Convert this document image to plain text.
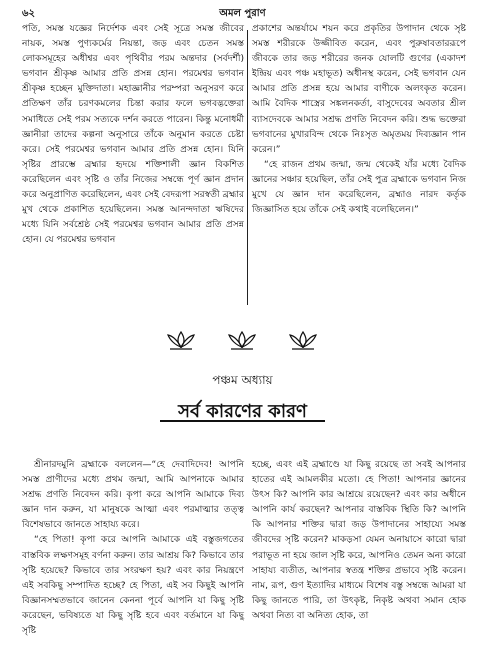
৬২	অমল পুরাণ

পতি, সমস্ত যজ্ঞের নির্দেশক এবং সেই সূত্রে সমস্ত জীবের নায়ক, সমস্ত পুণ্যকর্মের নিয়ন্তা, জড় এবং চেতন সমস্ত লোকসমূহের অধীশ্বর এবং পৃথিবীর পরম অন্তদার (সর্বদর্শী) ভগবান শ্রীকৃষ্ণ আমার প্রতি প্রসন্ন হোন। পরমেশ্বর ভগবান শ্রীকৃষ্ণ হচ্ছেন মুক্তিদাতা। মহাজ্ঞানীর পরম্পরা অনুসরণ করে প্রতিক্ষণ তাঁর চরণকমলের চিন্তা করার ফলে ভগবদ্ভক্তেরা সমাধিতে সেই পরম সত্যকে দর্শন করতে পারেন। কিন্তু মনোধর্মী জ্ঞানীরা তাদের কল্পনা অনুসারে তাঁকে অনুমান করতে চেষ্টা করে। সেই পরমেশ্বর ভগবান আমার প্রতি প্রসন্ন হোন। যিনি সৃষ্টির প্রারম্ভে ব্রহ্মার হৃদয়ে শক্তিশালী জ্ঞান বিকশিত করেছিলেন এবং সৃষ্টি ও তাঁর নিজের সম্বন্ধে পূর্ণ জ্ঞান প্রদান করে অনুপ্রাণিত করেছিলেন, এবং সেই বেদরূপা সরস্বতী ব্রহ্মার মুখ থেকে প্রকাশিত হয়েছিলেন। সমস্ত আনন্দদাতা ঋষিদের মধ্যে যিনি সর্বশ্রেষ্ঠ সেই পরমেশ্বর ভগবান আমার প্রতি প্রসন্ন হোন। যে পরমেশ্বর ভগবান

প্রকাশের অন্তর্যামে শয়ন করে প্রকৃতির উপাদান থেকে সৃষ্ট সমস্ত শরীরকে উজ্জীবিত করেন, এবং পুরুষাবতাররূপে জীবকে তার জড় শরীরের জনক যোলটি গুণের (একাদশ ইন্দ্রিয় এবং পঞ্চ মহাভূত) অধীনস্থ করেন, সেই ভগবান যেন আমার প্রতি প্রসন্ন হয়ে আমার বাণীকে অলংকৃত করেন। আমি বৈদিক শাস্ত্রের সঙ্কলনকর্তা, বাসুদেবের অবতার শ্রীল ব্যাসদেবকে আমার সশ্রদ্ধ প্রণতি নিবেদন করি। শুদ্ধ ভক্তেরা ভগবানের মুখারবিন্দ থেকে নিঃসৃত অমৃতময় দিব্যজ্ঞান পান করেন।”

“হে রাজন প্রথম জন্মা, জন্ম থেকেই যাঁর মধ্যে বৈদিক জ্ঞানের সঞ্চার হয়েছিল, তাঁর সেই পুত্র ব্রহ্মাকে ভগবান নিজ মুখে যে জ্ঞান দান করেছিলেন, ব্রহ্মাও নারদ কর্তৃক জিজ্ঞাসিত হয়ে তাঁকে সেই কথাই বলেছিলেন।”

পঞ্চম অধ্যায়
সর্ব কারণের কারণ

শ্রীনারদমুনি ব্রহ্মাকে বললেন—“হে দেবাদিদেব! আপনি সমস্ত প্রাণীদের মধ্যে প্রথম জন্মা, আমি আপনাকে আমার সশ্রদ্ধ প্রণতি নিবেদন করি। কৃপা করে আপনি আমাকে দিব্য জ্ঞান দান করুন, যা মানুষকে আত্মা এবং পরমাত্মার তত্ত্ব বিশেষভাবে জানতে সাহায্য করে।

“হে পিতা! কৃপা করে আপনি আমাকে এই বস্তুজগতের বাস্তবিক লক্ষণসমূহ বর্ণনা করুন। তার আশ্রয় কি? কিভাবে তার সৃষ্টি হয়েছে? কিভাবে তার সংরক্ষণ হয়? এবং কার নিয়ন্ত্রণে এই সবকিছু সম্পাদিত হচ্ছে? হে পিতা, এই সব কিছুই আপনি বিজ্ঞানসম্মতভাবে জানেন কেননা পূর্বে আপনি যা কিছু সৃষ্টি করেছেন, ভবিষ্যতে যা কিছু সৃষ্টি হবে এবং বর্তমানে যা কিছু সৃষ্টি

হচ্ছে, এবং এই ব্রহ্মাণ্ডে যা কিছু রয়েছে তা সবই আপনার হাতের এই আমলকীর মতো। হে পিতা! আপনার জ্ঞানের উৎস কি? আপনি কার আশ্রয়ে রয়েছেন? এবং কার অধীনে আপনি কার্য করছেন? আপনার বাস্তবিক স্থিতি কি? আপনি কি আপনার শক্তির দ্বারা জড় উপাদানের সাহায্যে সমস্ত জীবদের সৃষ্টি করেন? মাকড়সা যেমন অনায়াসে কারো দ্বারা পরাভূত না হয়ে জাল সৃষ্টি করে, আপনিও তেমন অন্য কারো সাহায্য ব্যতীত, আপনার স্বতন্ত্র শক্তির প্রভাবে সৃষ্টি করেন। নাম, রূপ, গুণ ইত্যাদির মাধ্যমে বিশেষ বস্তু সম্বন্ধে আমরা যা কিছু জানতে পারি, তা উৎকৃষ্ট, নিকৃষ্ট অথবা সমান হোক অথবা নিত্য বা অনিত্য হোক, তা
